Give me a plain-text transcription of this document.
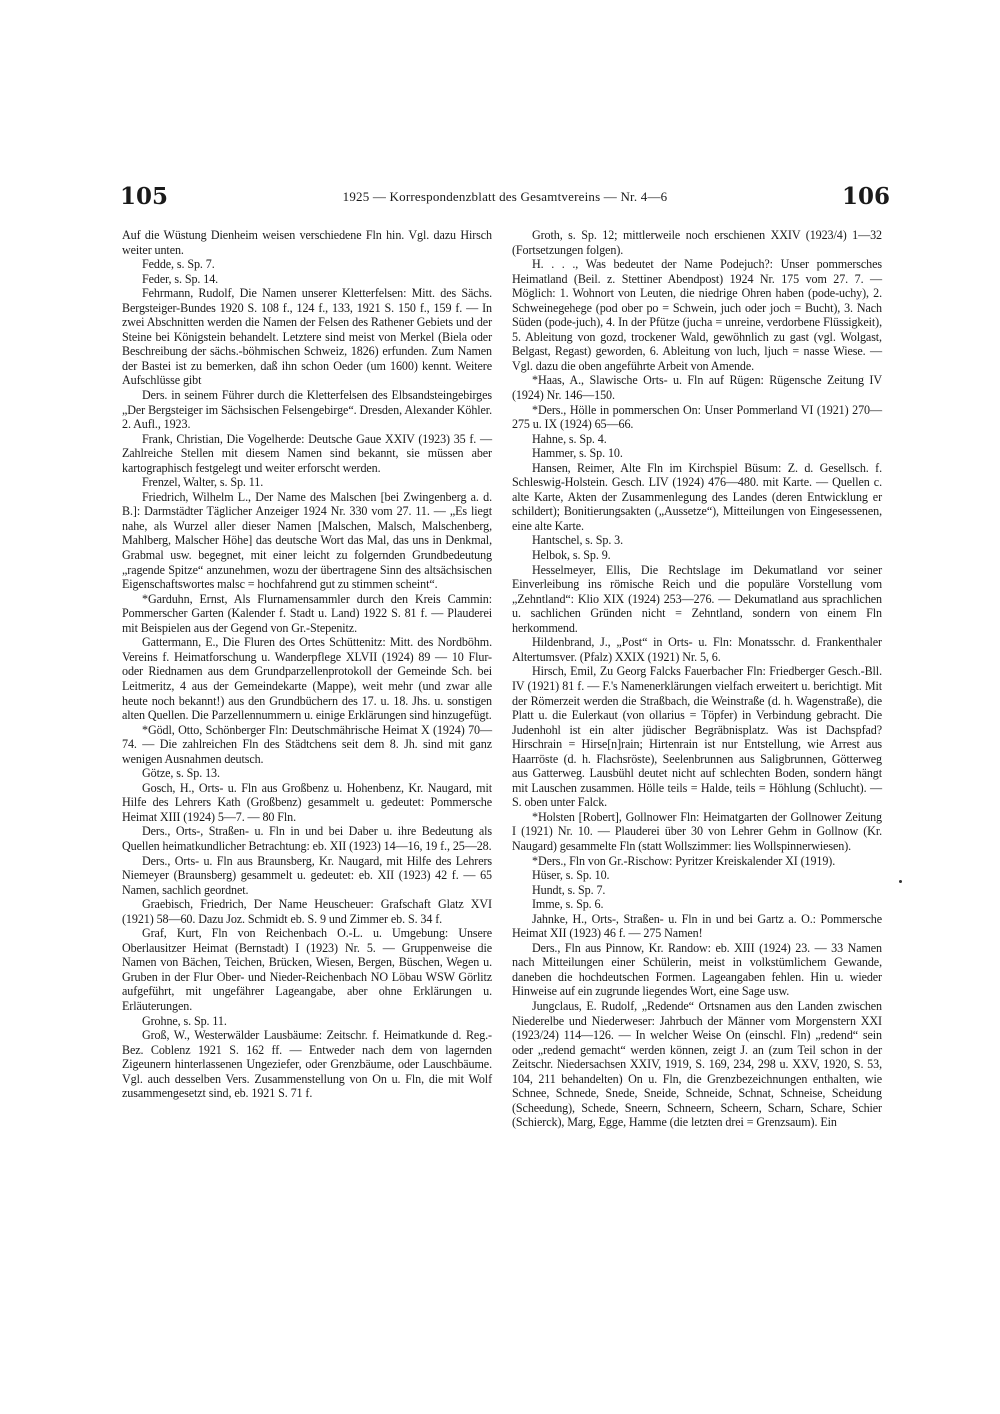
105	1925 — Korrespondenzblatt des Gesamtvereins — Nr. 4—6	106

Auf die Wüstung Dienheim weisen verschiedene Fln hin. Vgl. dazu Hirsch weiter unten.

Fedde, s. Sp. 7.

Feder, s. Sp. 14.

Fehrmann, Rudolf, Die Namen unserer Kletterfelsen: Mitt. des Sächs. Bergsteiger-Bundes 1920 S. 108 f., 124 f., 133, 1921 S. 150 f., 159 f. — In zwei Abschnitten werden die Namen der Felsen des Rathener Gebiets und der Steine bei Königstein behandelt. Letztere sind meist von Merkel (Biela oder Beschreibung der sächs.-böhmischen Schweiz, 1826) erfunden. Zum Namen der Bastei ist zu bemerken, daß ihn schon Oeder (um 1600) kennt. Weitere Aufschlüsse gibt

Ders. in seinem Führer durch die Kletterfelsen des Elbsandsteingebirges „Der Bergsteiger im Sächsischen Felsengebirge“. Dresden, Alexander Köhler. 2. Aufl., 1923.

Frank, Christian, Die Vogelherde: Deutsche Gaue XXIV (1923) 35 f. — Zahlreiche Stellen mit diesem Namen sind bekannt, sie müssen aber kartographisch festgelegt und weiter erforscht werden.

Frenzel, Walter, s. Sp. 11.

Friedrich, Wilhelm L., Der Name des Malschen [bei Zwingenberg a. d. B.]: Darmstädter Täglicher Anzeiger 1924 Nr. 330 vom 27. 11. — „Es liegt nahe, als Wurzel aller dieser Namen [Malschen, Malsch, Malschenberg, Mahlberg, Malscher Höhe] das deutsche Wort das Mal, das uns in Denkmal, Grabmal usw. begegnet, mit einer leicht zu folgernden Grundbedeutung „ragende Spitze“ anzunehmen, wozu der übertragene Sinn des altsächsischen Eigenschaftswortes malsc = hochfahrend gut zu stimmen scheint“.

*Garduhn, Ernst, Als Flurnamensammler durch den Kreis Cammin: Pommerscher Garten (Kalender f. Stadt u. Land) 1922 S. 81 f. — Plauderei mit Beispielen aus der Gegend von Gr.-Stepenitz.

Gattermann, E., Die Fluren des Ortes Schüttenitz: Mitt. des Nordböhm. Vereins f. Heimatforschung u. Wanderpflege XLVII (1924) 89 — 10 Flur- oder Riednamen aus dem Grundparzellenprotokoll der Gemeinde Sch. bei Leitmeritz, 4 aus der Gemeindekarte (Mappe), weit mehr (und zwar alle heute noch bekannt!) aus den Grundbüchern des 17. u. 18. Jhs. u. sonstigen alten Quellen. Die Parzellennummern u. einige Erklärungen sind hinzugefügt.

*Gödl, Otto, Schönberger Fln: Deutschmährische Heimat X (1924) 70—74. — Die zahlreichen Fln des Städtchens seit dem 8. Jh. sind mit ganz wenigen Ausnahmen deutsch.

Götze, s. Sp. 13.

Gosch, H., Orts- u. Fln aus Großbenz u. Hohenbenz, Kr. Naugard, mit Hilfe des Lehrers Kath (Großbenz) gesammelt u. gedeutet: Pommersche Heimat XIII (1924) 5—7. — 80 Fln.

Ders., Orts-, Straßen- u. Fln in und bei Daber u. ihre Bedeutung als Quellen heimatkundlicher Betrachtung: eb. XII (1923) 14—16, 19 f., 25—28.

Ders., Orts- u. Fln aus Braunsberg, Kr. Naugard, mit Hilfe des Lehrers Niemeyer (Braunsberg) gesammelt u. gedeutet: eb. XII (1923) 42 f. — 65 Namen, sachlich geordnet.

Graebisch, Friedrich, Der Name Heuscheuer: Grafschaft Glatz XVI (1921) 58—60. Dazu Joz. Schmidt eb. S. 9 und Zimmer eb. S. 34 f.

Graf, Kurt, Fln von Reichenbach O.-L. u. Umgebung: Unsere Oberlausitzer Heimat (Bernstadt) I (1923) Nr. 5. — Gruppenweise die Namen von Bächen, Teichen, Brücken, Wiesen, Bergen, Büschen, Wegen u. Gruben in der Flur Ober- und Nieder-Reichenbach NO Löbau WSW Görlitz aufgeführt, mit ungefährer Lageangabe, aber ohne Erklärungen u. Erläuterungen.

Grohne, s. Sp. 11.

Groß, W., Westerwälder Lausbäume: Zeitschr. f. Heimatkunde d. Reg.-Bez. Coblenz 1921 S. 162 ff. — Entweder nach dem von lagernden Zigeunern hinterlassenen Ungeziefer, oder Grenzbäume, oder Lauschbäume. Vgl. auch desselben Vers. Zusammenstellung von On u. Fln, die mit Wolf zusammengesetzt sind, eb. 1921 S. 71 f.

Groth, s. Sp. 12; mittlerweile noch erschienen XXIV (1923/4) 1—32 (Fortsetzungen folgen).

H. . . ., Was bedeutet der Name Podejuch?: Unser pommersches Heimatland (Beil. z. Stettiner Abendpost) 1924 Nr. 175 vom 27. 7. — Möglich: 1. Wohnort von Leuten, die niedrige Ohren haben (pode-uchy), 2. Schweinegehege (pod ober po = Schwein, juch oder joch = Bucht), 3. Nach Süden (pode-juch), 4. In der Pfütze (jucha = unreine, verdorbene Flüssigkeit), 5. Ableitung von gozd, trockener Wald, gewöhnlich zu gast (vgl. Wolgast, Belgast, Regast) geworden, 6. Ableitung von luch, ljuch = nasse Wiese. — Vgl. dazu die oben angeführte Arbeit von Amende.

*Haas, A., Slawische Orts- u. Fln auf Rügen: Rügensche Zeitung IV (1924) Nr. 146—150.

*Ders., Hölle in pommerschen On: Unser Pommerland VI (1921) 270—275 u. IX (1924) 65—66.

Hahne, s. Sp. 4.

Hammer, s. Sp. 10.

Hansen, Reimer, Alte Fln im Kirchspiel Büsum: Z. d. Gesellsch. f. Schleswig-Holstein. Gesch. LIV (1924) 476—480. mit Karte. — Quellen c. alte Karte, Akten der Zusammenlegung des Landes (deren Entwicklung er schildert); Bonitierungsakten („Aussetze“), Mitteilungen von Eingesessenen, eine alte Karte.

Hantschel, s. Sp. 3.

Helbok, s. Sp. 9.

Hesselmeyer, Ellis, Die Rechtslage im Dekumatland vor seiner Einverleibung ins römische Reich und die populäre Vorstellung vom „Zehntland“: Klio XIX (1924) 253—276. — Dekumatland aus sprachlichen u. sachlichen Gründen nicht = Zehntland, sondern von einem Fln herkommend.

Hildenbrand, J., „Post“ in Orts- u. Fln: Monatsschr. d. Frankenthaler Altertumsver. (Pfalz) XXIX (1921) Nr. 5, 6.

Hirsch, Emil, Zu Georg Falcks Fauerbacher Fln: Friedberger Gesch.-Bll. IV (1921) 81 f. — F.'s Namenerklärungen vielfach erweitert u. berichtigt. Mit der Römerzeit werden die Straßbach, die Weinstraße (d. h. Wagenstraße), die Platt u. die Eulerkaut (von ollarius = Töpfer) in Verbindung gebracht. Die Judenhohl ist ein alter jüdischer Begräbnisplatz. Was ist Dachspfad? Hirschrain = Hirse[n]rain; Hirtenrain ist nur Entstellung, wie Arrest aus Haarröste (d. h. Flachsröste), Seelenbrunnen aus Saligbrunnen, Götterweg aus Gatterweg. Lausbühl deutet nicht auf schlechten Boden, sondern hängt mit Lauschen zusammen. Hölle teils = Halde, teils = Höhlung (Schlucht). — S. oben unter Falck.

*Holsten [Robert], Gollnower Fln: Heimatgarten der Gollnower Zeitung I (1921) Nr. 10. — Plauderei über 30 von Lehrer Gehm in Gollnow (Kr. Naugard) gesammelte Fln (statt Wollszimmer: lies Wollspinnerwiesen).

*Ders., Fln von Gr.-Rischow: Pyritzer Kreiskalender XI (1919).

Hüser, s. Sp. 10.

Hundt, s. Sp. 7.

Imme, s. Sp. 6.

Jahnke, H., Orts-, Straßen- u. Fln in und bei Gartz a. O.: Pommersche Heimat XII (1923) 46 f. — 275 Namen!

Ders., Fln aus Pinnow, Kr. Randow: eb. XIII (1924) 23. — 33 Namen nach Mitteilungen einer Schülerin, meist in volkstümlichem Gewande, daneben die hochdeutschen Formen. Lageangaben fehlen. Hin u. wieder Hinweise auf ein zugrunde liegendes Wort, eine Sage usw.

Jungclaus, E. Rudolf, „Redende“ Ortsnamen aus den Landen zwischen Niederelbe und Niederweser: Jahrbuch der Männer vom Morgenstern XXI (1923/24) 114—126. — In welcher Weise On (einschl. Fln) „redend“ sein oder „redend gemacht“ werden können, zeigt J. an (zum Teil schon in der Zeitschr. Niedersachsen XXIV, 1919, S. 169, 234, 298 u. XXV, 1920, S. 53, 104, 211 behandelten) On u. Fln, die Grenzbezeichnungen enthalten, wie Schnee, Schnede, Snede, Sneide, Schneide, Schnat, Schneise, Scheidung (Scheedung), Schede, Sneern, Schneern, Scheern, Scharn, Schare, Schier (Schierck), Marg, Egge, Hamme (die letzten drei = Grenzsaum). Ein
